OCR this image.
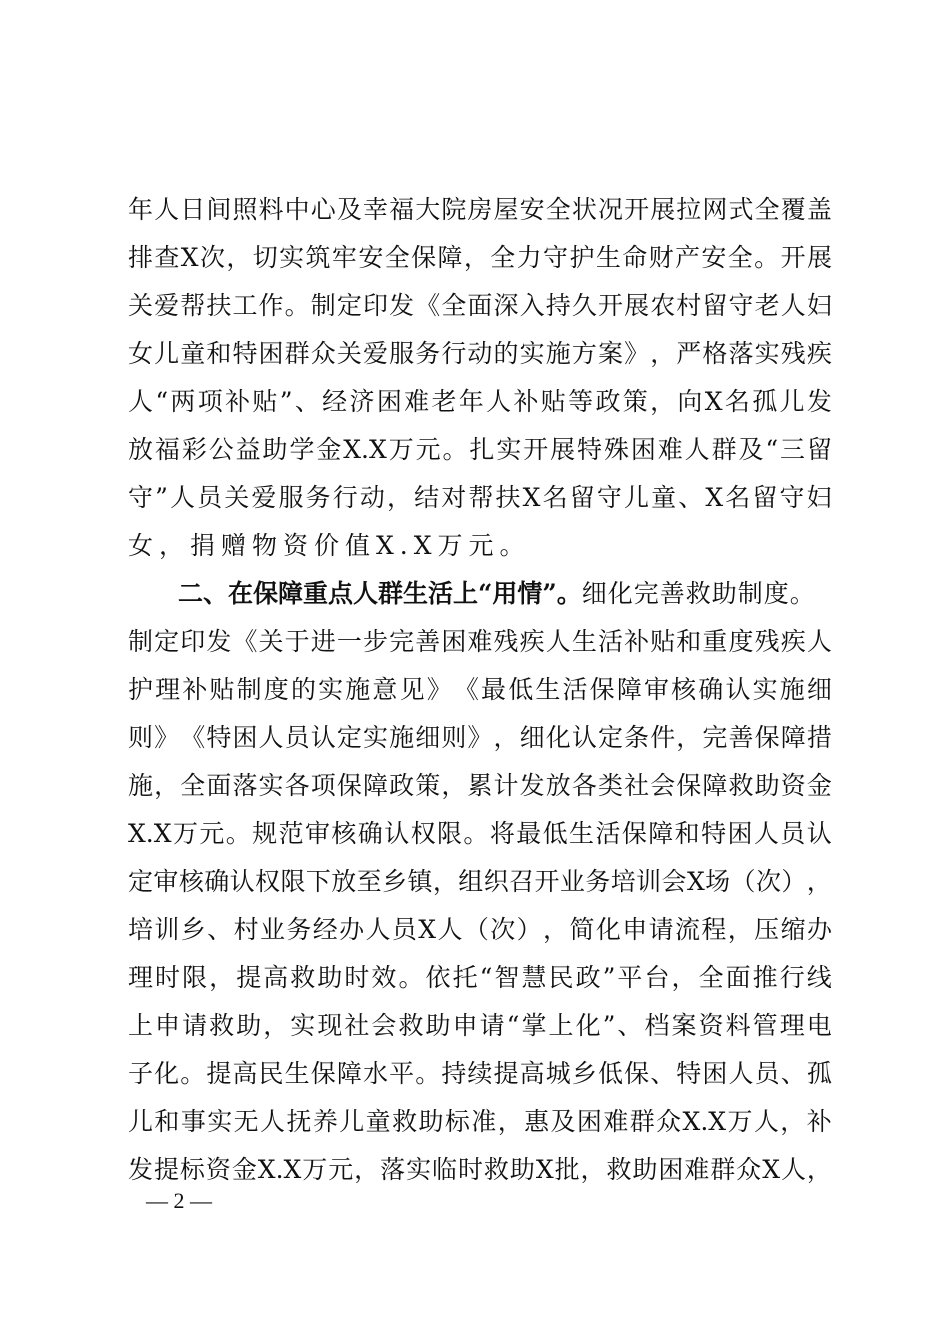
年 人 日 间 照 料 中 心 及 幸 福 大 院 房 屋 安 全 状 况 开 展 拉 网 式 全 覆 盖
排 查 X 次 ， 切 实 筑 牢 安 全 保 障 ， 全 力 守 护 生 命 财 产 安 全 。 开 展
关 爱 帮 扶 工 作 。 制 定 印 发 《 全 面 深 入 持 久 开 展 农 村 留 守 老 人 妇
女 儿 童 和 特 困 群 众 关 爱 服 务 行 动 的 实 施 方 案 》 ， 严 格 落 实 残 疾
人 “ 两 项 补 贴 ” 、 经 济 困 难 老 年 人 补 贴 等 政 策 ， 向 X 名 孤 儿 发
放 福 彩 公 益 助 学 金 X.X 万 元 。 扎 实 开 展 特 殊 困 难 人 群 及 “ 三 留
守 ” 人 员 关 爱 服 务 行 动 ， 结 对 帮 扶 X 名 留 守 儿 童 、 X 名 留 守 妇
女，捐赠物资价值X.X万元。
　　二、在保障重点人群生活上“用情”。 细化完善救助制度。
制 定 印 发 《 关 于 进 一 步 完 善 困 难 残 疾 人 生 活 补 贴 和 重 度 残 疾 人
护 理 补 贴 制 度 的 实 施 意 见 》 《 最 低 生 活 保 障 审 核 确 认 实 施 细
则 》 《 特 困 人 员 认 定 实 施 细 则 》 ， 细 化 认 定 条 件 ， 完 善 保 障 措
施 ， 全 面 落 实 各 项 保 障 政 策 ， 累 计 发 放 各 类 社 会 保 障 救 助 资 金
X.X 万 元 。 规 范 审 核 确 认 权 限 。 将 最 低 生 活 保 障 和 特 困 人 员 认
定 审 核 确 认 权 限 下 放 至 乡 镇 ， 组 织 召 开 业 务 培 训 会 X 场 （ 次 ） ，
培 训 乡 、 村 业 务 经 办 人 员 X 人 （ 次 ） ， 简 化 申 请 流 程 ， 压 缩 办
理 时 限 ， 提 高 救 助 时 效 。 依 托 “ 智 慧 民 政 ” 平 台 ， 全 面 推 行 线
上 申 请 救 助 ， 实 现 社 会 救 助 申 请 “ 掌 上 化 ” 、 档 案 资 料 管 理 电
子 化 。 提 高 民 生 保 障 水 平 。 持 续 提 高 城 乡 低 保 、 特 困 人 员 、 孤
儿 和 事 实 无 人 抚 养 儿 童 救 助 标 准 ， 惠 及 困 难 群 众 X.X 万 人 ， 补
发 提 标 资 金 X.X 万 元 ， 落 实 临 时 救 助 X 批 ， 救 助 困 难 群 众 X 人 ，
— 2 —
